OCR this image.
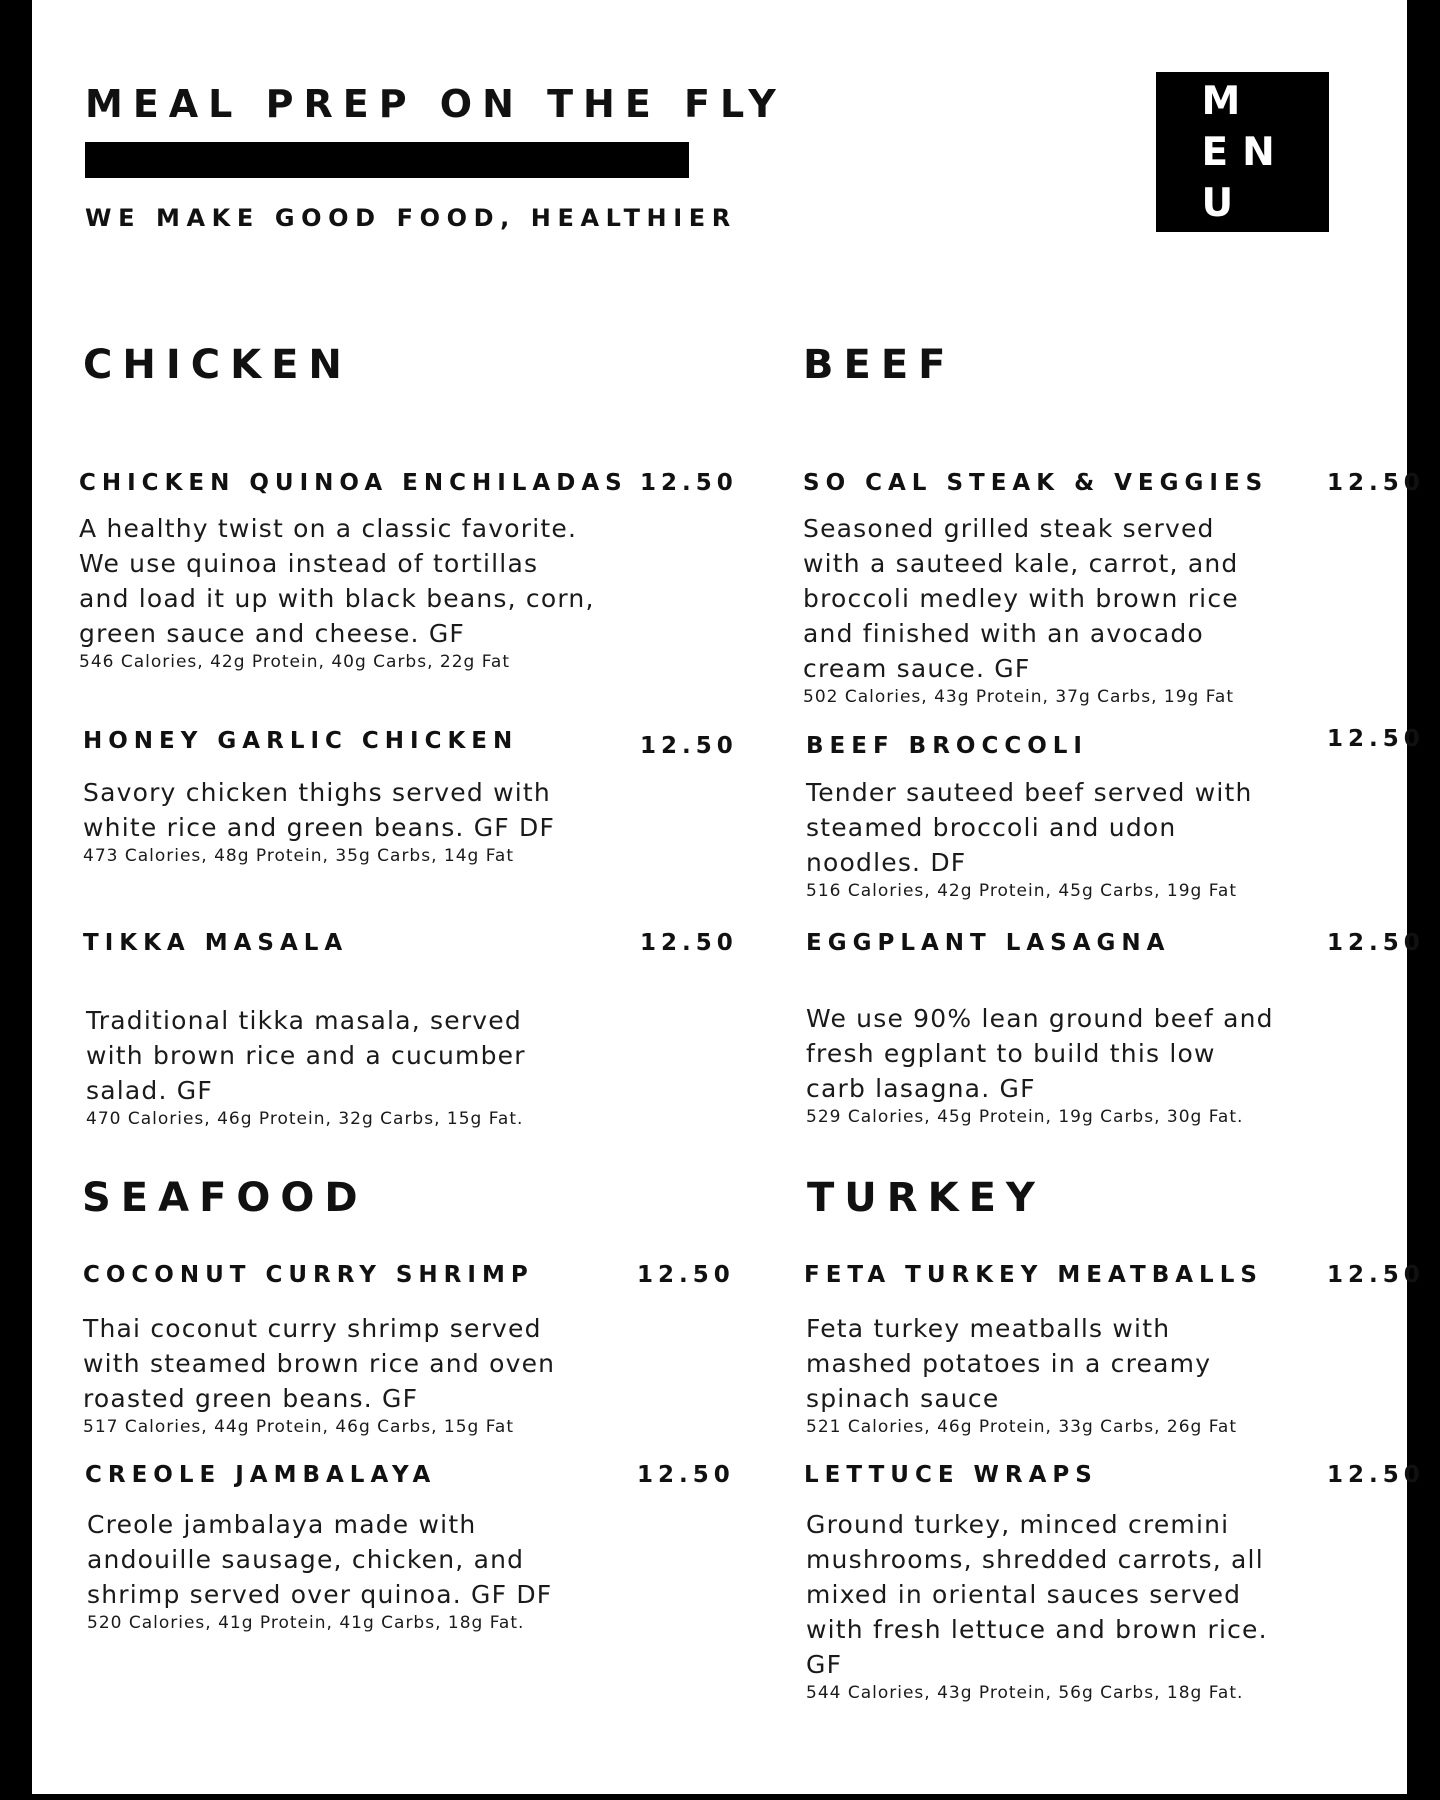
MEAL PREP ON THE FLY
WE MAKE GOOD FOOD, HEALTHIER
MENU
CHICKEN
CHICKEN QUINOA ENCHILADAS 12.50
A healthy twist on a classic favorite.
We use quinoa instead of tortillas
and load it up with black beans, corn,
green sauce and cheese. GF
546 Calories, 42g Protein, 40g Carbs, 22g Fat
HONEY GARLIC CHICKEN	12.50
Savory chicken thighs served with
white rice and green beans. GF DF
473 Calories, 48g Protein, 35g Carbs, 14g Fat
TIKKA MASALA	12.50
Traditional tikka masala, served
with brown rice and a cucumber
salad. GF
470 Calories, 46g Protein, 32g Carbs, 15g Fat.
BEEF
SO CAL STEAK & VEGGIES	12.50
Seasoned grilled steak served
with a sauteed kale, carrot, and
broccoli medley with brown rice
and finished with an avocado
cream sauce. GF
502 Calories, 43g Protein, 37g Carbs, 19g Fat
BEEF BROCCOLI	12.50
Tender sauteed beef served with
steamed broccoli and udon
noodles. DF
516 Calories, 42g Protein, 45g Carbs, 19g Fat
EGGPLANT LASAGNA	12.50
We use 90% lean ground beef and
fresh egplant to build this low
carb lasagna. GF
529 Calories, 45g Protein, 19g Carbs, 30g Fat.
SEAFOOD
COCONUT CURRY SHRIMP	12.50
Thai coconut curry shrimp served
with steamed brown rice and oven
roasted green beans. GF
517 Calories, 44g Protein, 46g Carbs, 15g Fat
CREOLE JAMBALAYA	12.50
Creole jambalaya made with
andouille sausage, chicken, and
shrimp served over quinoa. GF DF
520 Calories, 41g Protein, 41g Carbs, 18g Fat.
TURKEY
FETA TURKEY MEATBALLS	12.50
Feta turkey meatballs with
mashed potatoes in a creamy
spinach sauce
521 Calories, 46g Protein, 33g Carbs, 26g Fat
LETTUCE WRAPS	12.50
Ground turkey, minced cremini
mushrooms, shredded carrots, all
mixed in oriental sauces served
with fresh lettuce and brown rice.
GF
544 Calories, 43g Protein, 56g Carbs, 18g Fat.
